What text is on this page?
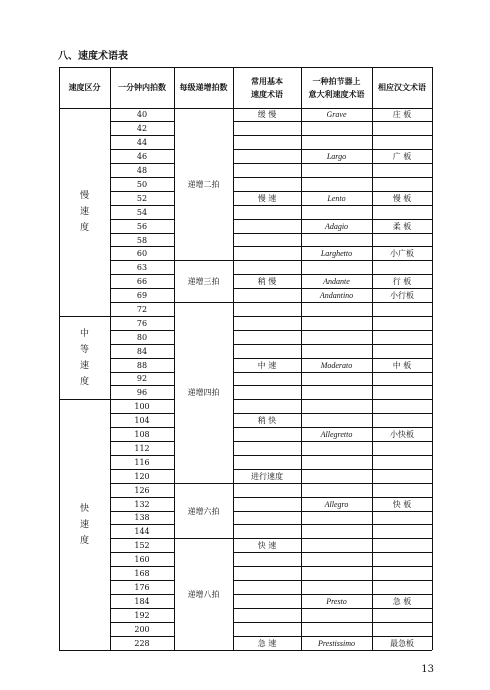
八、速度术语表
速度区分 一分钟内拍数 每级递增拍数
常用基本
速度术语
一种拍节器上
意大利速度术语
相应汉文术语
慢
速
度
中
等
速
度
快
速
度
递增二拍
递增三拍
递增四拍
递增六拍
递增八拍
40
42
44
46
48
50
52
54
56
58
60
63
66
69
72
76
80
84
88
92
96
100
104
108
112
116
120
126
132
138
144
152
160
168
176
184
192
200
228
缓 慢
慢 速
稍 慢
中 速
稍 快
进行速度
快 速
急 速
Grave
Largo
Lento
Adagio
Larghetto
Andante
Andantino
Moderato
Allegretto
Allegro
Presto
Prestissimo
庄 板
广 板
慢 板
柔 板
小广板
行 板
小行板
中 板
小快板
快 板
急 板
最急板
13
